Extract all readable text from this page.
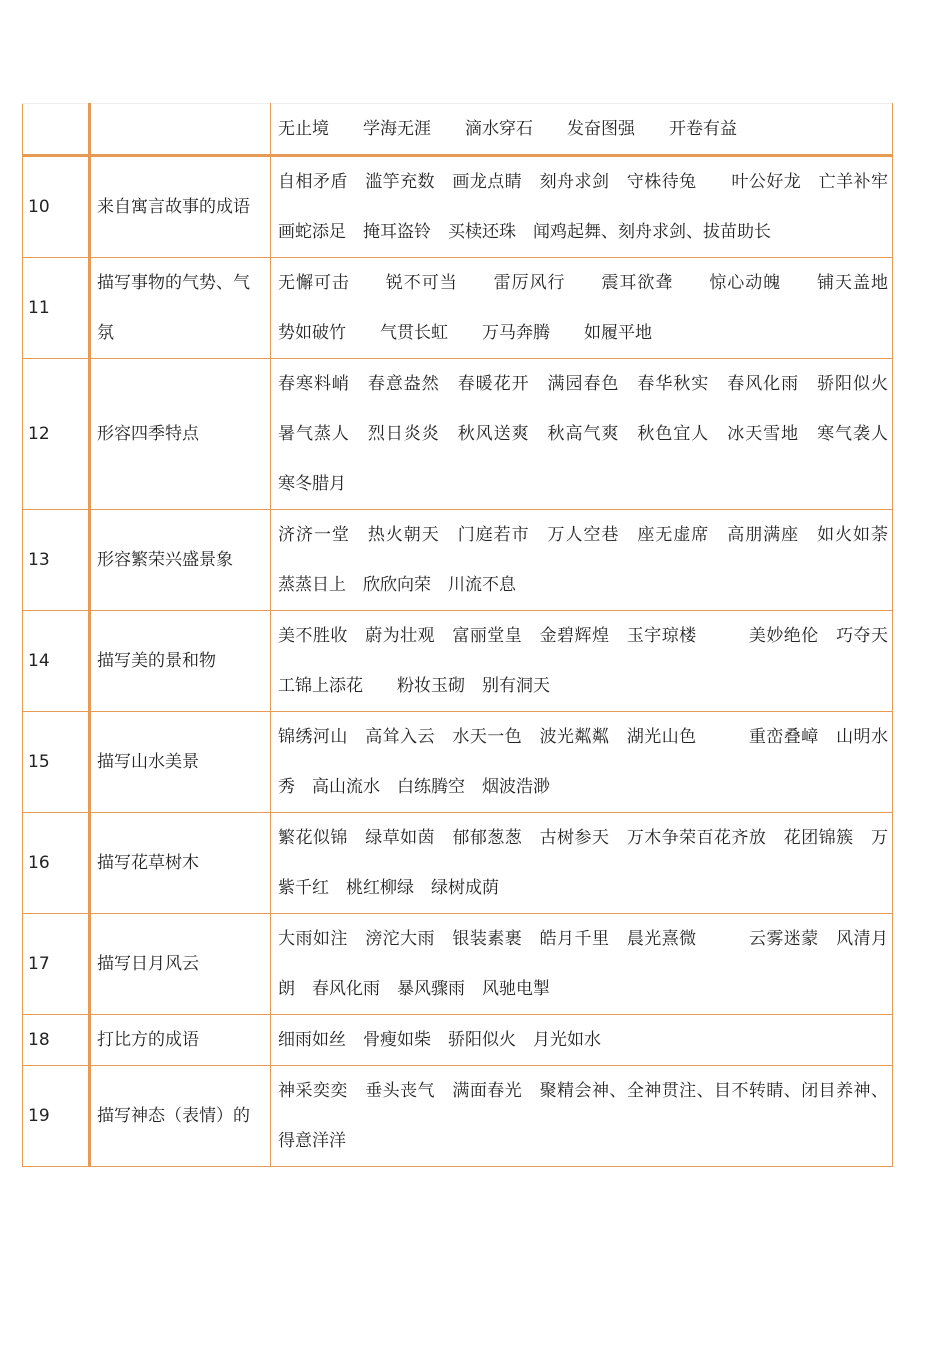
		无止境　　学海无涯　　滴水穿石　　发奋图强　　开卷有益
10	来自寓言故事的成语	自相矛盾　滥竽充数　画龙点睛　刻舟求剑　守株待兔　　叶公好龙　亡羊补牢　画蛇添足　掩耳盗铃　买椟还珠　闻鸡起舞、刻舟求剑、拔苗助长
11	描写事物的气势、气氛	无懈可击　　锐不可当　　雷厉风行　　震耳欲聋　　惊心动魄　　铺天盖地　　势如破竹　　气贯长虹　　万马奔腾　　如履平地
12	形容四季特点	春寒料峭　春意盎然　春暖花开　满园春色　春华秋实　春风化雨　骄阳似火　暑气蒸人　烈日炎炎　秋风送爽　秋高气爽　秋色宜人　冰天雪地　寒气袭人　寒冬腊月
13	形容繁荣兴盛景象	济济一堂　热火朝天　门庭若市　万人空巷　座无虚席　高朋满座　如火如荼　蒸蒸日上　欣欣向荣　川流不息
14	描写美的景和物	美不胜收　蔚为壮观　富丽堂皇　金碧辉煌　玉宇琼楼　　　美妙绝伦　巧夺天工锦上添花　　粉妆玉砌　别有洞天
15	描写山水美景	锦绣河山　高耸入云　水天一色　波光粼粼　湖光山色　　　重峦叠嶂　山明水秀　高山流水　白练腾空　烟波浩渺
16	描写花草树木	繁花似锦　绿草如茵　郁郁葱葱　古树参天　万木争荣百花齐放　花团锦簇　万紫千红　桃红柳绿　绿树成荫
17	描写日月风云	大雨如注　滂沱大雨　银装素裹　皓月千里　晨光熹微　　　云雾迷蒙　风清月朗　春风化雨　暴风骤雨　风驰电掣
18	打比方的成语	细雨如丝　骨瘦如柴　骄阳似火　月光如水
19	描写神态（表情）的	神采奕奕　垂头丧气　满面春光　聚精会神、全神贯注、目不转睛、闭目养神、得意洋洋
